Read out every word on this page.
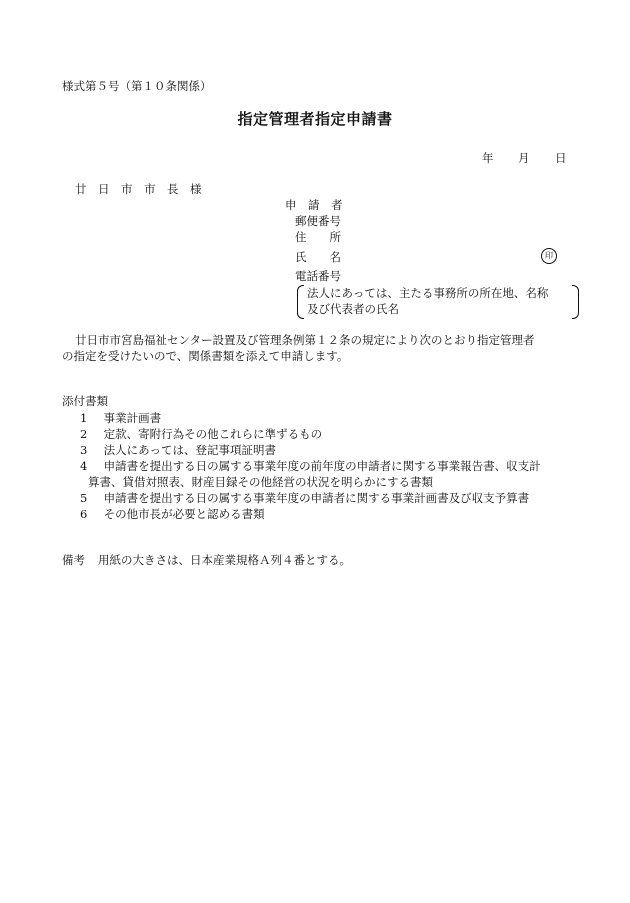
様式第５号（第１０条関係）
指定管理者指定申請書
年 月 日
廿　日　市　市　長　様
申　請　者
郵便番号
住　　所
氏　　名	印
電話番号
法人にあっては、主たる事務所の所在地、名称
及び代表者の氏名
廿日市市宮島福祉センター設置及び管理条例第１２条の規定により次のとおり指定管理者
の指定を受けたいので、関係書類を添えて申請します。
添付書類
1 事業計画書
2 定款、寄附行為その他これらに準ずるもの
3 法人にあっては、登記事項証明書
4 申請書を提出する日の属する事業年度の前年度の申請者に関する事業報告書、収支計
算書、貸借対照表、財産目録その他経営の状況を明らかにする書類
5 申請書を提出する日の属する事業年度の申請者に関する事業計画書及び収支予算書
6 その他市長が必要と認める書類
備考 用紙の大きさは、日本産業規格Ａ列４番とする。
